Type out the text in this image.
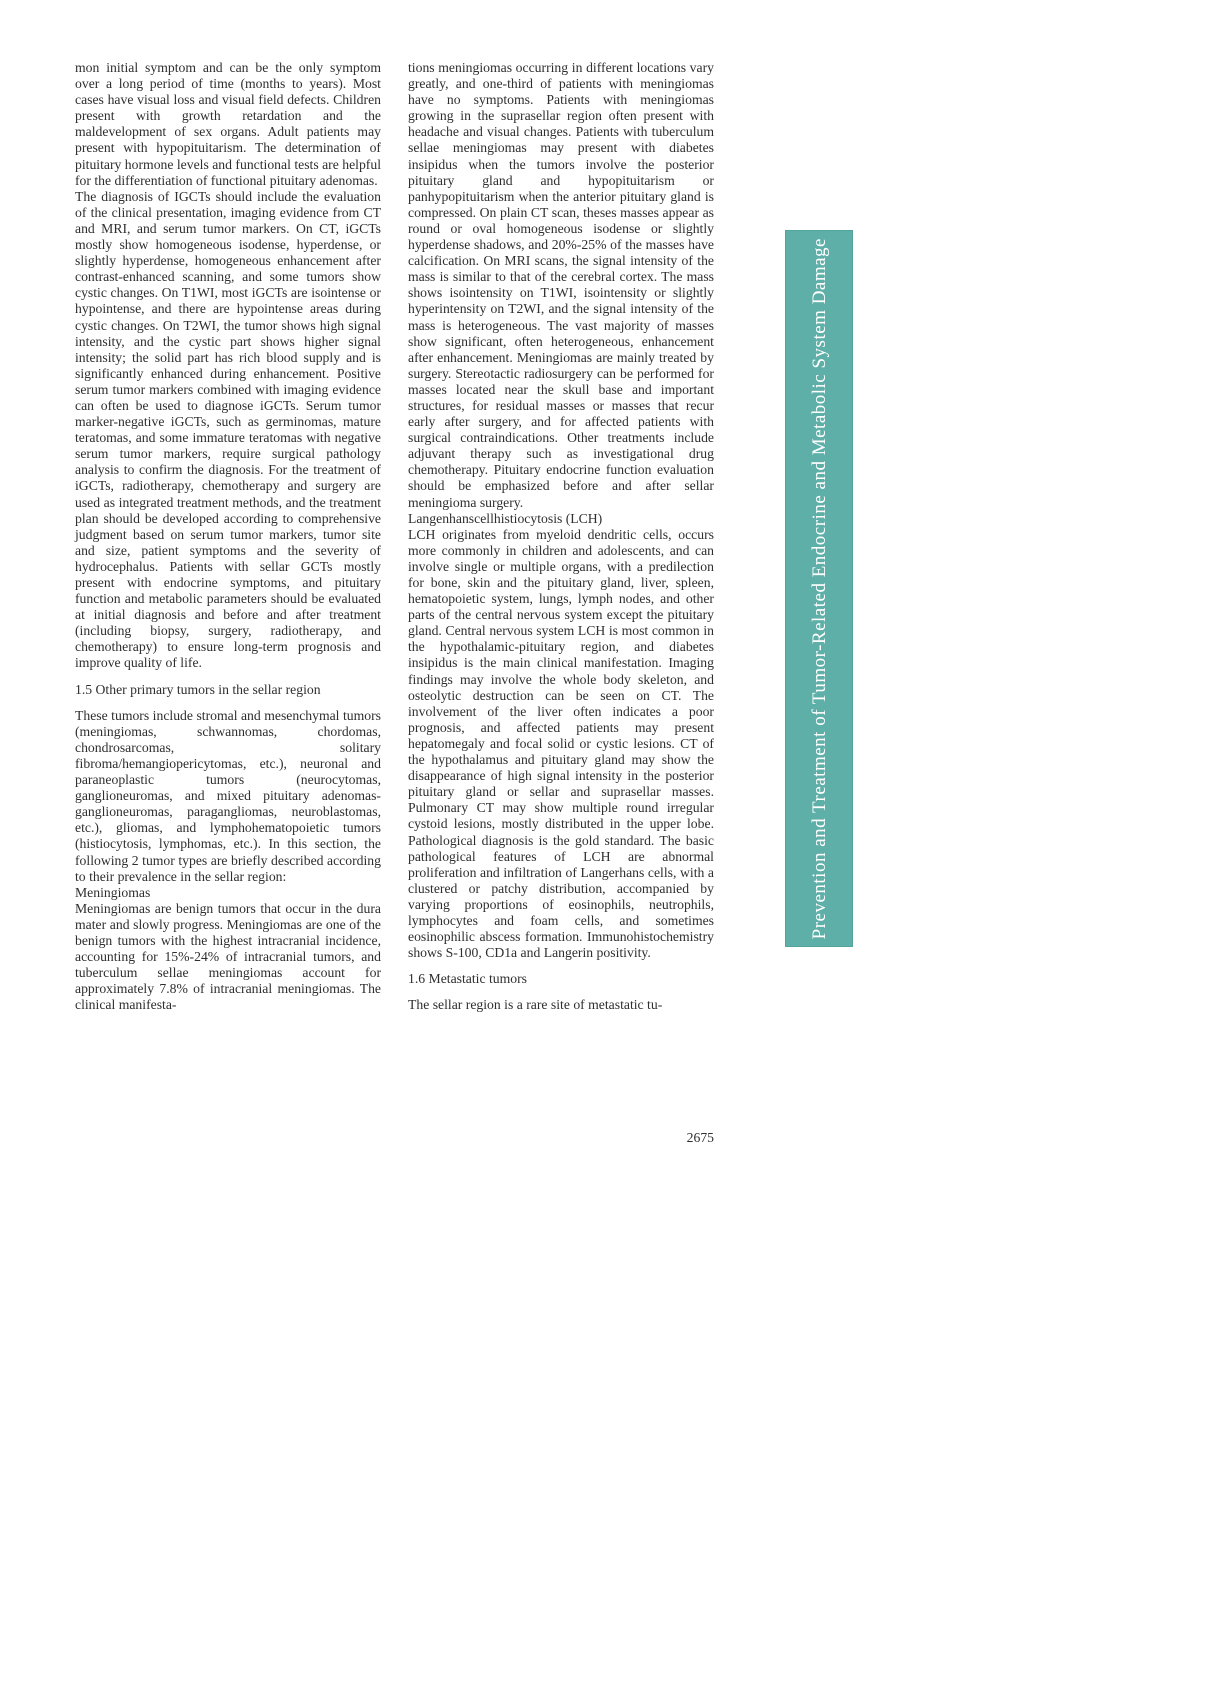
mon initial symptom and can be the only symptom over a long period of time (months to years). Most cases have visual loss and visual field defects. Children present with growth retardation and the maldevelopment of sex organs. Adult patients may present with hypopituitarism. The determination of pituitary hormone levels and functional tests are helpful for the differentiation of functional pituitary adenomas.

The diagnosis of IGCTs should include the evaluation of the clinical presentation, imaging evidence from CT and MRI, and serum tumor markers. On CT, iGCTs mostly show homogeneous isodense, hyperdense, or slightly hyperdense, homogeneous enhancement after contrast-enhanced scanning, and some tumors show cystic changes. On T1WI, most iGCTs are isointense or hypointense, and there are hypointense areas during cystic changes. On T2WI, the tumor shows high signal intensity, and the cystic part shows higher signal intensity; the solid part has rich blood supply and is significantly enhanced during enhancement. Positive serum tumor markers combined with imaging evidence can often be used to diagnose iGCTs. Serum tumor marker-negative iGCTs, such as germinomas, mature teratomas, and some immature teratomas with negative serum tumor markers, require surgical pathology analysis to confirm the diagnosis. For the treatment of iGCTs, radiotherapy, chemotherapy and surgery are used as integrated treatment methods, and the treatment plan should be developed according to comprehensive judgment based on serum tumor markers, tumor site and size, patient symptoms and the severity of hydrocephalus. Patients with sellar GCTs mostly present with endocrine symptoms, and pituitary function and metabolic parameters should be evaluated at initial diagnosis and before and after treatment (including biopsy, surgery, radiotherapy, and chemotherapy) to ensure long-term prognosis and improve quality of life.

1.5 Other primary tumors in the sellar region

These tumors include stromal and mesenchymal tumors (meningiomas, schwannomas, chordomas, chondrosarcomas, solitary fibroma/hemangiopericytomas, etc.), neuronal and paraneoplastic tumors (neurocytomas, ganglioneuromas, and mixed pituitary adenomas-ganglioneuromas, paragangliomas, neuroblastomas, etc.), gliomas, and lymphohematopoietic tumors (histiocytosis, lymphomas, etc.). In this section, the following 2 tumor types are briefly described according to their prevalence in the sellar region:

Meningiomas

Meningiomas are benign tumors that occur in the dura mater and slowly progress. Meningiomas are one of the benign tumors with the highest intracranial incidence, accounting for 15%-24% of intracranial tumors, and tuberculum sellae meningiomas account for approximately 7.8% of intracranial meningiomas. The clinical manifesta-

tions meningiomas occurring in different locations vary greatly, and one-third of patients with meningiomas have no symptoms. Patients with meningiomas growing in the suprasellar region often present with headache and visual changes. Patients with tuberculum sellae meningiomas may present with diabetes insipidus when the tumors involve the posterior pituitary gland and hypopituitarism or panhypopituitarism when the anterior pituitary gland is compressed. On plain CT scan, theses masses appear as round or oval homogeneous isodense or slightly hyperdense shadows, and 20%-25% of the masses have calcification. On MRI scans, the signal intensity of the mass is similar to that of the cerebral cortex. The mass shows isointensity on T1WI, isointensity or slightly hyperintensity on T2WI, and the signal intensity of the mass is heterogeneous. The vast majority of masses show significant, often heterogeneous, enhancement after enhancement. Meningiomas are mainly treated by surgery. Stereotactic radiosurgery can be performed for masses located near the skull base and important structures, for residual masses or masses that recur early after surgery, and for affected patients with surgical contraindications. Other treatments include adjuvant therapy such as investigational drug chemotherapy. Pituitary endocrine function evaluation should be emphasized before and after sellar meningioma surgery.

Langenhanscellhistiocytosis (LCH)

LCH originates from myeloid dendritic cells, occurs more commonly in children and adolescents, and can involve single or multiple organs, with a predilection for bone, skin and the pituitary gland, liver, spleen, hematopoietic system, lungs, lymph nodes, and other parts of the central nervous system except the pituitary gland. Central nervous system LCH is most common in the hypothalamic-pituitary region, and diabetes insipidus is the main clinical manifestation. Imaging findings may involve the whole body skeleton, and osteolytic destruction can be seen on CT. The involvement of the liver often indicates a poor prognosis, and affected patients may present hepatomegaly and focal solid or cystic lesions. CT of the hypothalamus and pituitary gland may show the disappearance of high signal intensity in the posterior pituitary gland or sellar and suprasellar masses. Pulmonary CT may show multiple round irregular cystoid lesions, mostly distributed in the upper lobe. Pathological diagnosis is the gold standard. The basic pathological features of LCH are abnormal proliferation and infiltration of Langerhans cells, with a clustered or patchy distribution, accompanied by varying proportions of eosinophils, neutrophils, lymphocytes and foam cells, and sometimes eosinophilic abscess formation. Immunohistochemistry shows S-100, CD1a and Langerin positivity.

1.6 Metastatic tumors

The sellar region is a rare site of metastatic tu-

Prevention and Treatment of Tumor-Related Endocrine and Metabolic System Damage
2675
